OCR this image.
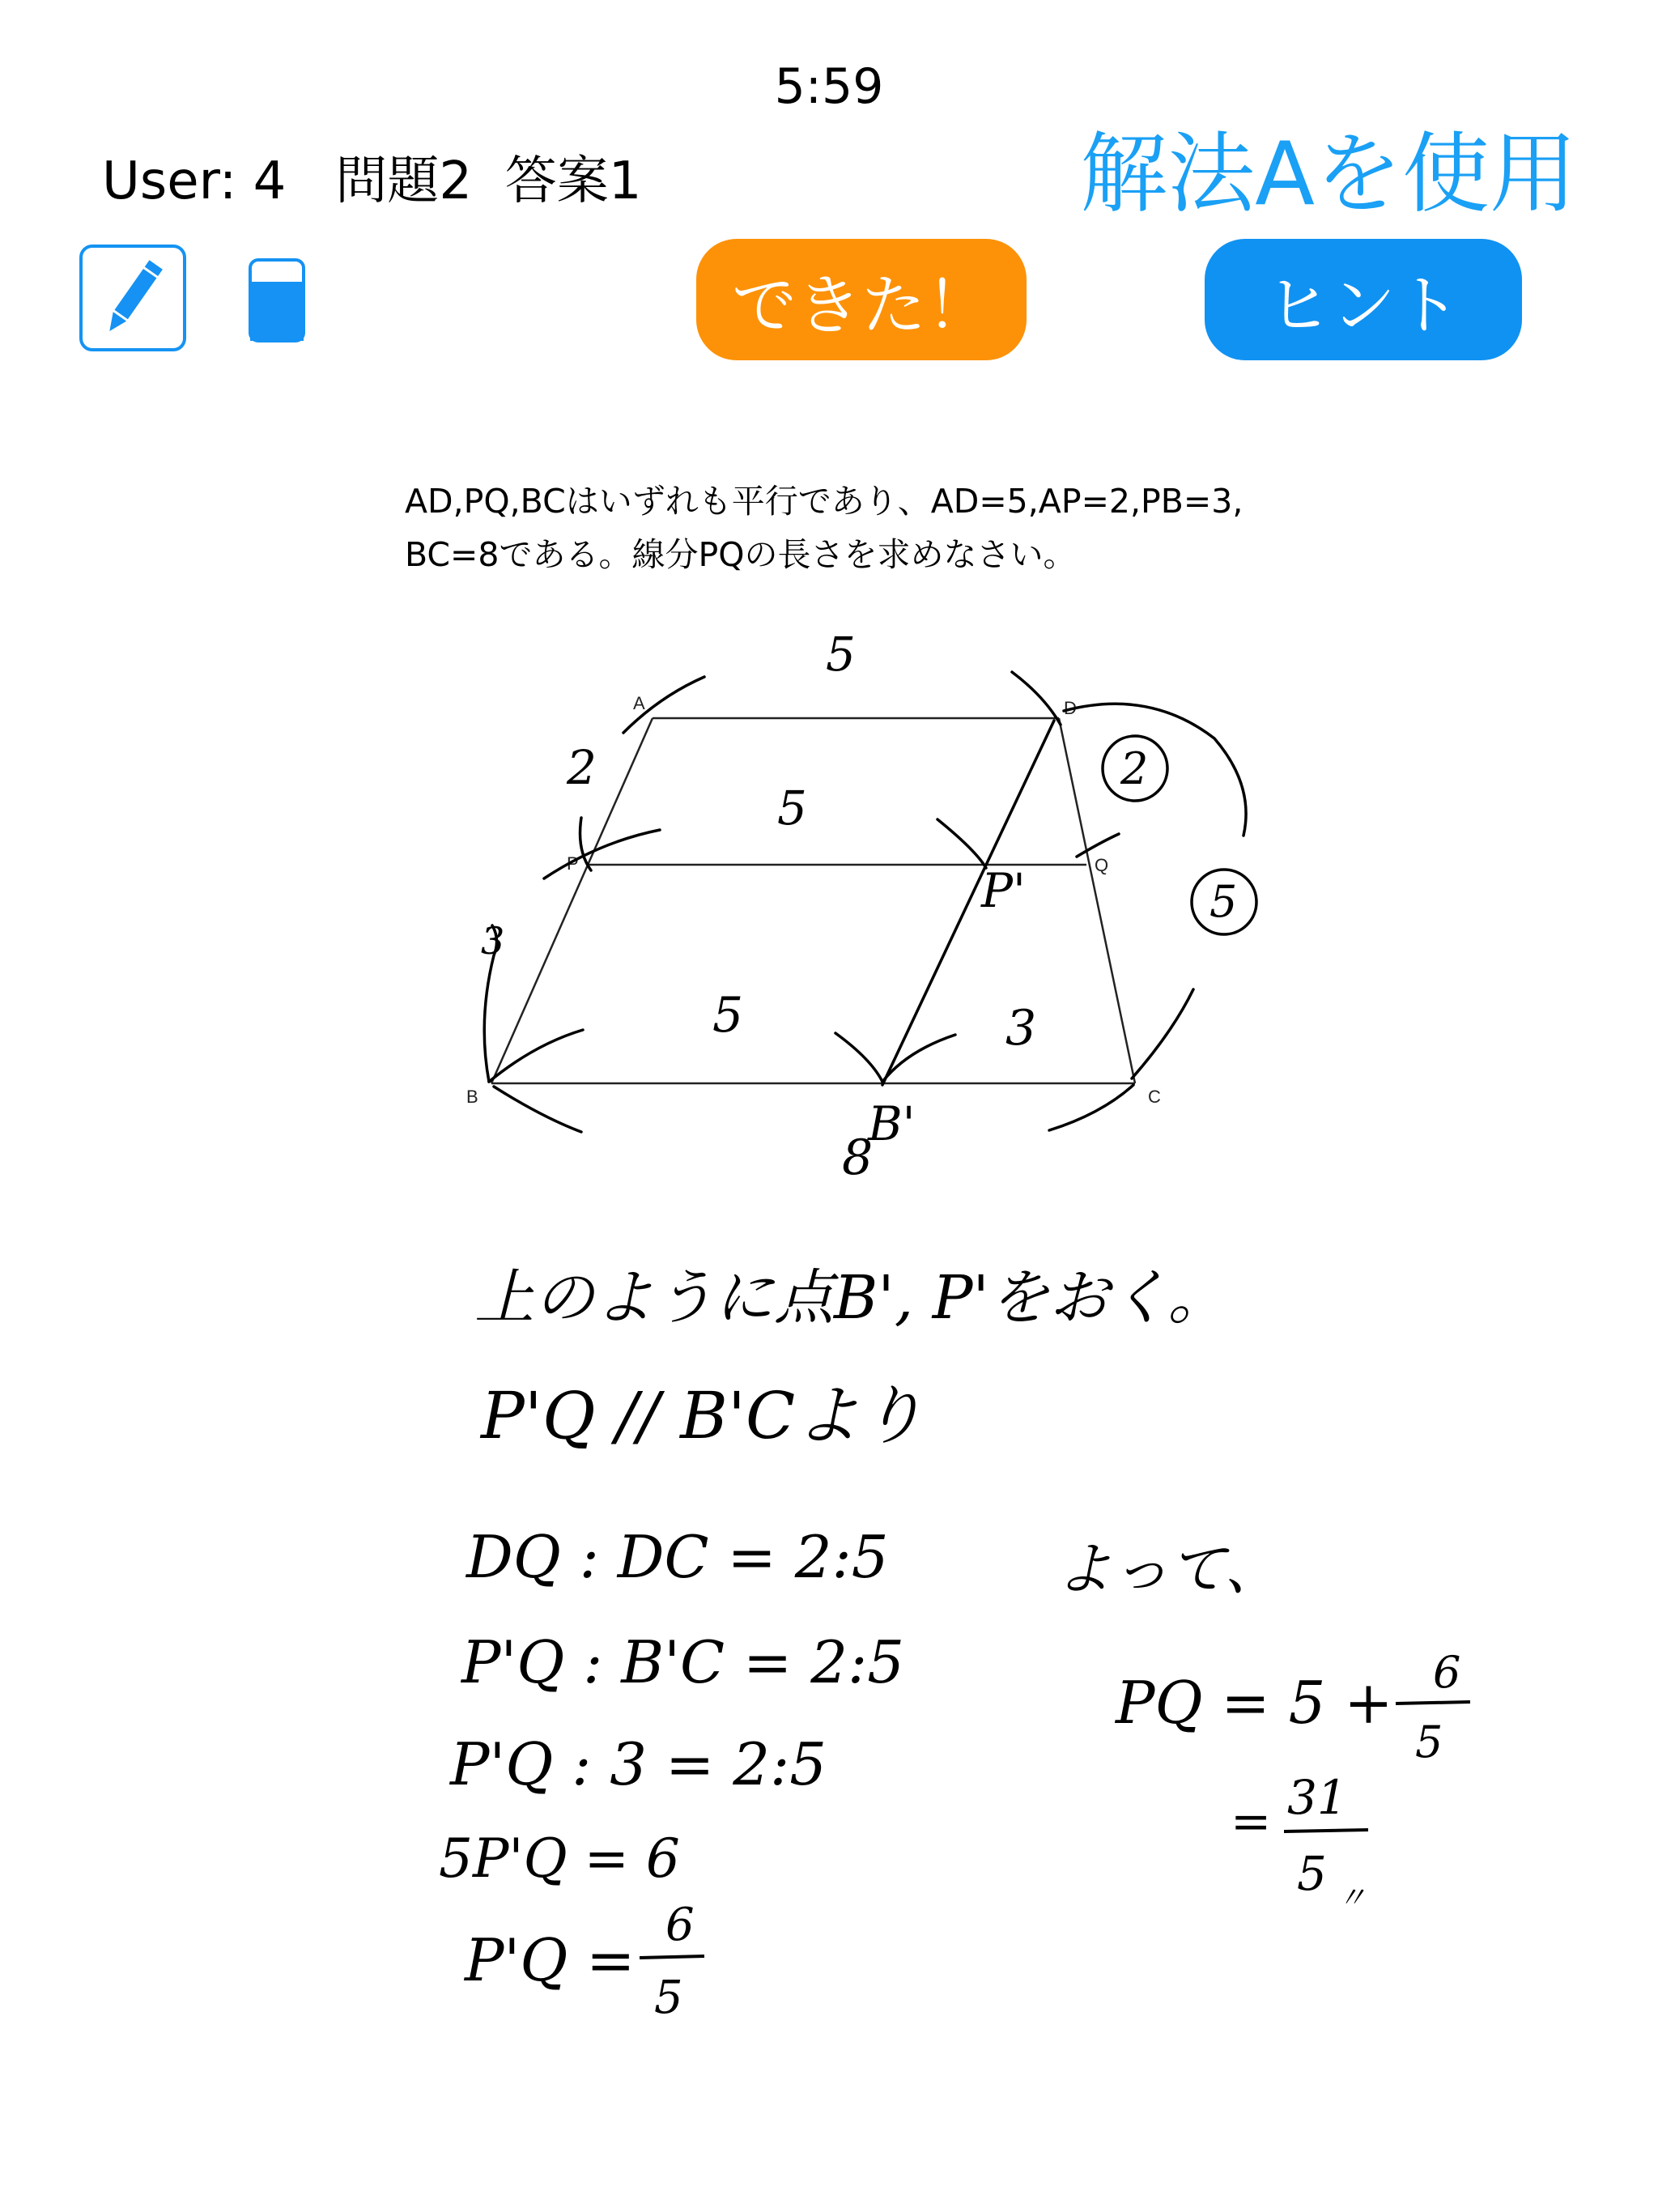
A	D
P	Q
B	C
5
2
5
2
5
3
P'
5	3
B'
8
上のように点B', P'をおく。
P'Q // B'Cより
DQ : DC = 2:5
P'Q : B'C = 2:5
P'Q : 3 = 2:5
5P'Q = 6
P'Q =
6
5
よって、
PQ = 5 + 6
5
= 31
5 〃
5:59
User: 4   問題2  答案1	解法Aを使用
できた！	ヒント
AD,PQ,BCはいずれも平行であり、AD=5,AP=2,PB=3,
BC=8である。線分PQの長さを求めなさい。
